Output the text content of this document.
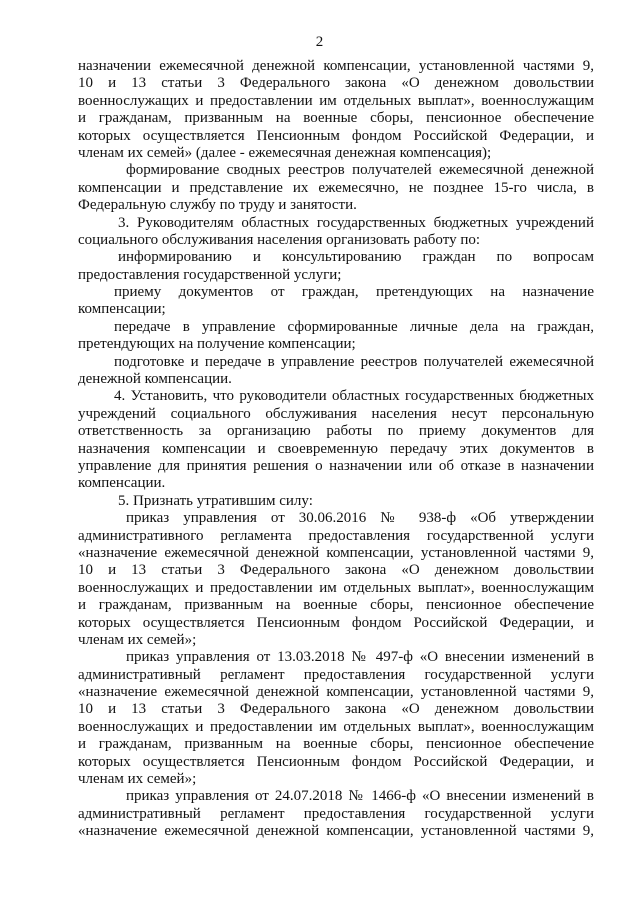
2
назначении ежемесячной денежной компенсации, установленной частями 9,
10 и 13 статьи 3 Федерального закона «О денежном довольствии
военнослужащих и предоставлении им отдельных выплат», военнослужащим
и гражданам, призванным на военные сборы, пенсионное обеспечение
которых осуществляется Пенсионным фондом Российской Федерации, и
членам их семей» (далее - ежемесячная денежная компенсация);
формирование сводных реестров получателей ежемесячной денежной
компенсации и представление их ежемесячно, не позднее 15-го числа, в
Федеральную службу по труду и занятости.
3. Руководителям областных государственных бюджетных учреждений
социального обслуживания населения организовать работу по:
информированию и консультированию граждан по вопросам
предоставления государственной услуги;
приему документов от граждан, претендующих на назначение
компенсации;
передаче в управление сформированные личные дела на граждан,
претендующих на получение компенсации;
подготовке и передаче в управление реестров получателей ежемесячной
денежной компенсации.
4. Установить, что руководители областных государственных бюджетных
учреждений социального обслуживания населения несут персональную
ответственность за организацию работы по приему документов для
назначения компенсации и своевременную передачу этих документов в
управление для принятия решения о назначении или об отказе в назначении
компенсации.
5. Признать утратившим силу:
приказ управления от 30.06.2016 № 938-ф «Об утверждении
административного регламента предоставления государственной услуги
«назначение ежемесячной денежной компенсации, установленной частями 9,
10 и 13 статьи 3 Федерального закона «О денежном довольствии
военнослужащих и предоставлении им отдельных выплат», военнослужащим
и гражданам, призванным на военные сборы, пенсионное обеспечение
которых осуществляется Пенсионным фондом Российской Федерации, и
членам их семей»;
приказ управления от 13.03.2018 № 497-ф «О внесении изменений в
административный регламент предоставления государственной услуги
«назначение ежемесячной денежной компенсации, установленной частями 9,
10 и 13 статьи 3 Федерального закона «О денежном довольствии
военнослужащих и предоставлении им отдельных выплат», военнослужащим
и гражданам, призванным на военные сборы, пенсионное обеспечение
которых осуществляется Пенсионным фондом Российской Федерации, и
членам их семей»;
приказ управления от 24.07.2018 № 1466-ф «О внесении изменений в
административный регламент предоставления государственной услуги
«назначение ежемесячной денежной компенсации, установленной частями 9,
